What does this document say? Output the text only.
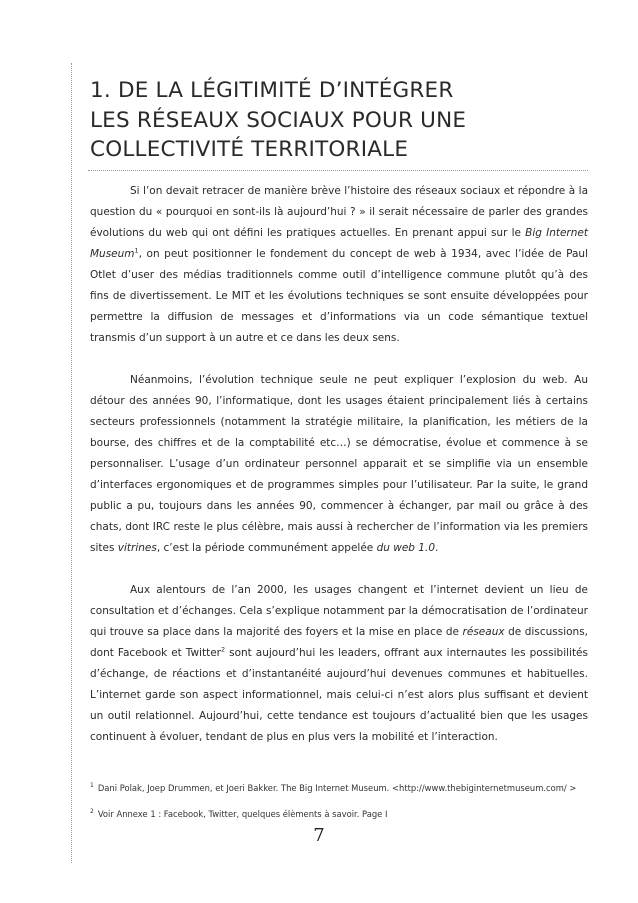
1. DE LA LÉGITIMITÉ D’INTÉGRER
LES RÉSEAUX SOCIAUX POUR UNE
COLLECTIVITÉ TERRITORIALE

Si l’on devait retracer de manière brève l’histoire des réseaux sociaux et répondre à la question du « pourquoi en sont-ils là aujourd’hui ? » il serait nécessaire de parler des grandes évolutions du web qui ont défini les pratiques actuelles. En prenant appui sur le Big Internet Museum$^1$, on peut positionner le fondement du concept de web à 1934, avec l’idée de Paul Otlet d’user des médias traditionnels comme outil d’intelligence commune plutôt qu’à des fins de divertissement. Le MIT et les évolutions techniques se sont ensuite développées pour permettre la diffusion de messages et d’informations via un code sémantique textuel transmis d’un support à un autre et ce dans les deux sens.

Néanmoins, l’évolution technique seule ne peut expliquer l’explosion du web. Au détour des années 90, l’informatique, dont les usages étaient principalement liés à certains secteurs professionnels (notamment la stratégie militaire, la planification, les métiers de la bourse, des chiffres et de la comptabilité etc…) se démocratise, évolue et commence à se personnaliser. L’usage d’un ordinateur personnel apparait et se simplifie via un ensemble d’interfaces ergonomiques et de programmes simples pour l’utilisateur. Par la suite, le grand public a pu, toujours dans les années 90, commencer à échanger, par mail ou grâce à des chats, dont IRC reste le plus célèbre, mais aussi à rechercher de l’information via les premiers sites vitrines, c’est la période communément appelée du web 1.0.

Aux alentours de l’an 2000, les usages changent et l’internet devient un lieu de consultation et d’échanges. Cela s’explique notamment par la démocratisation de l’ordinateur qui trouve sa place dans la majorité des foyers et la mise en place de réseaux de discussions, dont Facebook et Twitter$^2$ sont aujourd’hui les leaders, offrant aux internautes les possibilités d’échange, de réactions et d’instantanéité aujourd’hui devenues communes et habituelles. L’internet garde son aspect informationnel, mais celui-ci n’est alors plus suffisant et devient un outil relationnel. Aujourd’hui, cette tendance est toujours d’actualité bien que les usages continuent à évoluer, tendant de plus en plus vers la mobilité et l’interaction.

$^1$ Dani Polak, Joep Drummen, et Joeri Bakker. The Big Internet Museum. <http://www.thebiginternetmuseum.com/ >

$^2$ Voir Annexe 1 : Facebook, Twitter, quelques élèments à savoir. Page I

7
